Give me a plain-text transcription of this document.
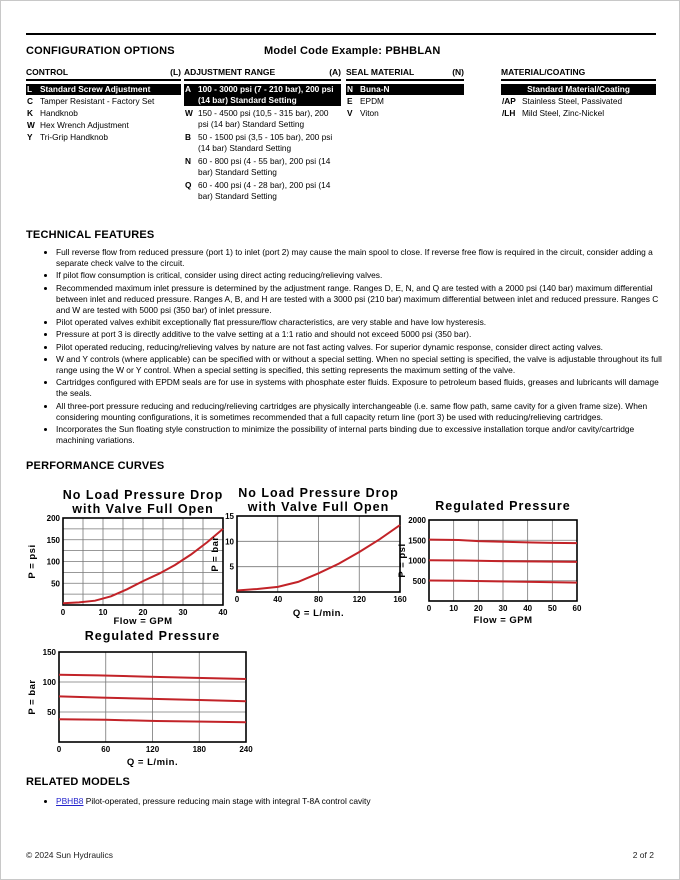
CONFIGURATION OPTIONS	Model Code Example: PBHBLAN
CONTROL	(L)
L Standard Screw Adjustment
C Tamper Resistant - Factory Set
K Handknob
W Hex Wrench Adjustment
Y Tri-Grip Handknob
ADJUSTMENT RANGE	(A)
A 100 - 3000 psi (7 - 210 bar), 200 psi (14 bar) Standard Setting
W 150 - 4500 psi (10,5 - 315 bar), 200 psi (14 bar) Standard Setting
B 50 - 1500 psi (3,5 - 105 bar), 200 psi (14 bar) Standard Setting
N 60 - 800 psi (4 - 55 bar), 200 psi (14 bar) Standard Setting
Q 60 - 400 psi (4 - 28 bar), 200 psi (14 bar) Standard Setting
SEAL MATERIAL	(N)
N Buna-N
E EPDM
V Viton
MATERIAL/COATING
Standard Material/Coating
/AP Stainless Steel, Passivated
/LH Mild Steel, Zinc-Nickel
TECHNICAL FEATURES
• Full reverse flow from reduced pressure (port 1) to inlet (port 2) may cause the main spool to close. If reverse free flow is required in the circuit, consider adding a separate check valve to the circuit.
• If pilot flow consumption is critical, consider using direct acting reducing/relieving valves.
• Recommended maximum inlet pressure is determined by the adjustment range. Ranges D, E, N, and Q are tested with a 2000 psi (140 bar) maximum differential between inlet and reduced pressure. Ranges A, B, and H are tested with a 3000 psi (210 bar) maximum differential between inlet and reduced pressure. Ranges C and W are tested with 5000 psi (350 bar) of inlet pressure.
• Pilot operated valves exhibit exceptionally flat pressure/flow characteristics, are very stable and have low hysteresis.
• Pressure at port 3 is directly additive to the valve setting at a 1:1 ratio and should not exceed 5000 psi (350 bar).
• Pilot operated reducing, reducing/relieving valves by nature are not fast acting valves. For superior dynamic response, consider direct acting valves.
• W and Y controls (where applicable) can be specified with or without a special setting. When no special setting is specified, the valve is adjustable throughout its full range using the W or Y control. When a special setting is specified, this setting represents the maximum setting of the valve.
• Cartridges configured with EPDM seals are for use in systems with phosphate ester fluids. Exposure to petroleum based fluids, greases and lubricants will damage the seals.
• All three-port pressure reducing and reducing/relieving cartridges are physically interchangeable (i.e. same flow path, same cavity for a given frame size). When considering mounting configurations, it is sometimes recommended that a full capacity return line (port 3) be used with reducing/relieving cartridges.
• Incorporates the Sun floating style construction to minimize the possibility of internal parts binding due to excessive installation torque and/or cavity/cartridge machining variations.
PERFORMANCE CURVES
No Load Pressure Drop
with Valve Full Open
0	10	20	30	40
50
100
150
200
Flow = GPM
P = psi
No Load Pressure Drop
with Valve Full Open
0	40	80	120	160
5
10
15
Q = L/min.
P = bar
Regulated Pressure
0 10 20 30 40 50 60
500
1000
1500
2000
Flow = GPM
P = psi
Regulated Pressure
0	60	120	180	240
50
100
150
Q = L/min.
P = bar
RELATED MODELS
• PBHB8 Pilot-operated, pressure reducing main stage with integral T-8A control cavity
© 2024 Sun Hydraulics	2 of 2
